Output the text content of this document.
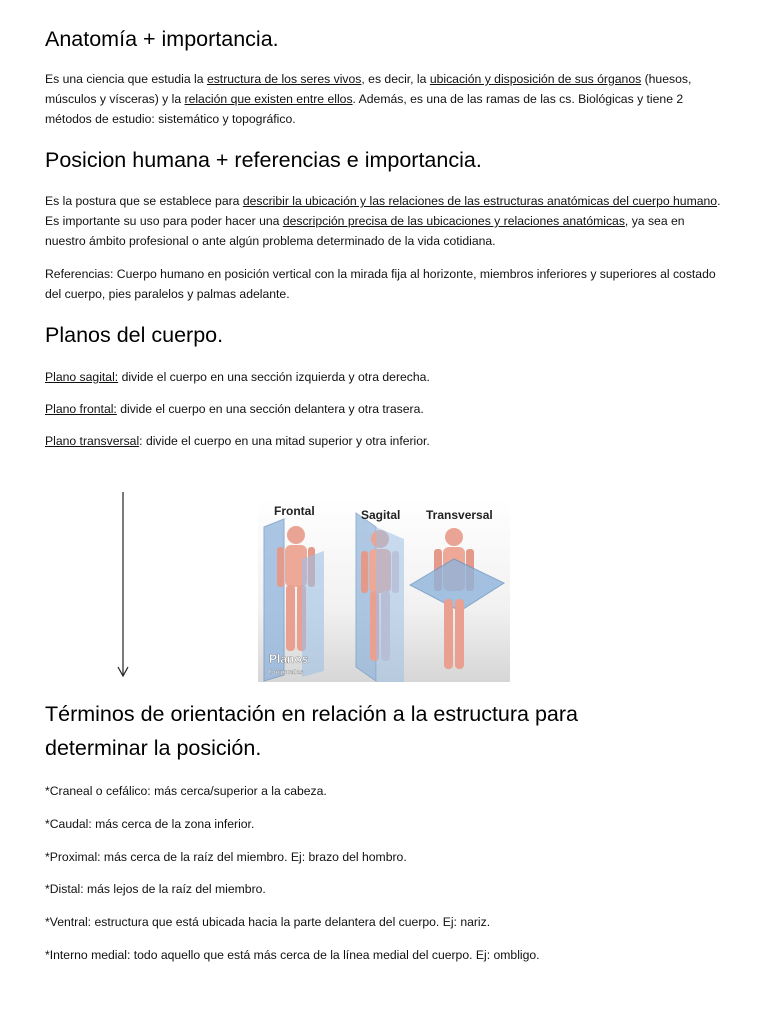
Anatomía + importancia.

Es una ciencia que estudia la estructura de los seres vivos, es decir, la ubicación y disposición de sus órganos (huesos, músculos y vísceras) y la relación que existen entre ellos. Además, es una de las ramas de las cs. Biológicas y tiene 2 métodos de estudio: sistemático y topográfico.

Posicion humana + referencias e importancia.

Es la postura que se establece para describir la ubicación y las relaciones de las estructuras anatómicas del cuerpo humano. Es importante su uso para poder hacer una descripción precisa de las ubicaciones y relaciones anatómicas, ya sea en nuestro ámbito profesional o ante algún problema determinado de la vida cotidiana.

Referencias: Cuerpo humano en posición vertical con la mirada fija al horizonte, miembros inferiores y superiores al costado del cuerpo, pies paralelos y palmas adelante.

Planos del cuerpo.

Plano sagital: divide el cuerpo en una sección izquierda y otra derecha.

Plano frontal: divide el cuerpo en una sección delantera y otra trasera.

Plano transversal: divide el cuerpo en una mitad superior y otra inferior.

Términos de orientación en relación a la estructura para determinar la posición.

*Craneal o cefálico: más cerca/superior a la cabeza.

*Caudal: más cerca de la zona inferior.

*Proximal: más cerca de la raíz del miembro. Ej: brazo del hombro.

*Distal: más lejos de la raíz del miembro.

*Ventral: estructura que está ubicada hacia la parte delantera del cuerpo. Ej: nariz.

*Interno medial: todo aquello que está más cerca de la línea medial del cuerpo. Ej: ombligo.

Frontal	Sagital Transversal
Planos
Corporales
